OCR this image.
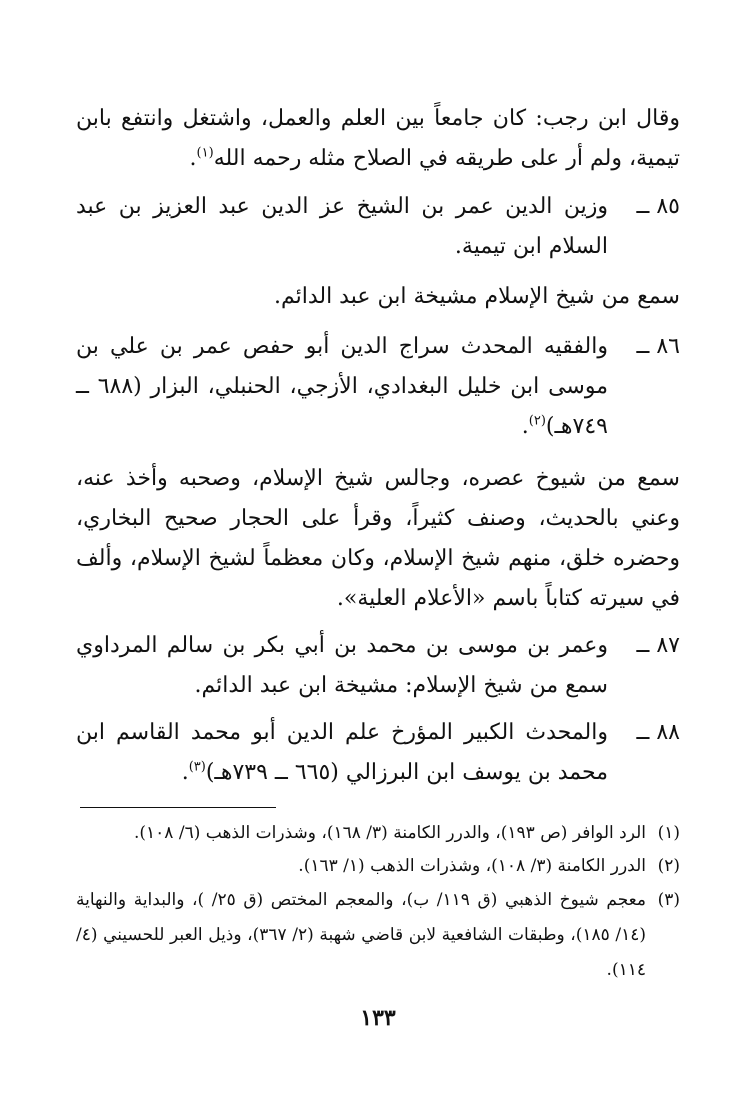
وقال ابن رجب: كان جامعاً بين العلم والعمل، واشتغل وانتفع بابن تيمية، ولم أر على طريقه في الصلاح مثله رحمه الله$^{(١)}$.

٨٥ ــ
وزين الدين عمر بن الشيخ عز الدين عبد العزيز بن عبد السلام ابن تيمية.

سمع من شيخ الإسلام مشيخة ابن عبد الدائم.

٨٦ ــ
والفقيه المحدث سراج الدين أبو حفص عمر بن علي بن موسى ابن خليل البغدادي، الأزجي، الحنبلي، البزار (٦٨٨ ــ ٧٤٩هـ)$^{(٢)}$.

سمع من شيوخ عصره، وجالس شيخ الإسلام، وصحبه وأخذ عنه، وعني بالحديث، وصنف كثيراً، وقرأ على الحجار صحيح البخاري، وحضره خلق، منهم شيخ الإسلام، وكان معظماً لشيخ الإسلام، وألف في سيرته كتاباً باسم «الأعلام العلية».

٨٧ ــ
وعمر بن موسى بن محمد بن أبي بكر بن سالم المرداوي سمع من شيخ الإسلام: مشيخة ابن عبد الدائم.
٨٨ ــ
والمحدث الكبير المؤرخ علم الدين أبو محمد القاسم ابن محمد بن يوسف ابن البرزالي (٦٦٥ ــ ٧٣٩هـ)$^{(٣)}$.
(١)
الرد الوافر (ص ١٩٣)، والدرر الكامنة (٣/ ١٦٨)، وشذرات الذهب (٦/ ١٠٨).
(٢)
الدرر الكامنة (٣/ ١٠٨)، وشذرات الذهب (١/ ١٦٣).
(٣)
معجم شيوخ الذهبي (ق ١١٩/ ب)، والمعجم المختص (ق ٢٥/ )، والبداية والنهاية (١٤/ ١٨٥)، وطبقات الشافعية لابن قاضي شهبة (٢/ ٣٦٧)، وذيل العبر للحسيني (٤/ ١١٤).
١٣٣
